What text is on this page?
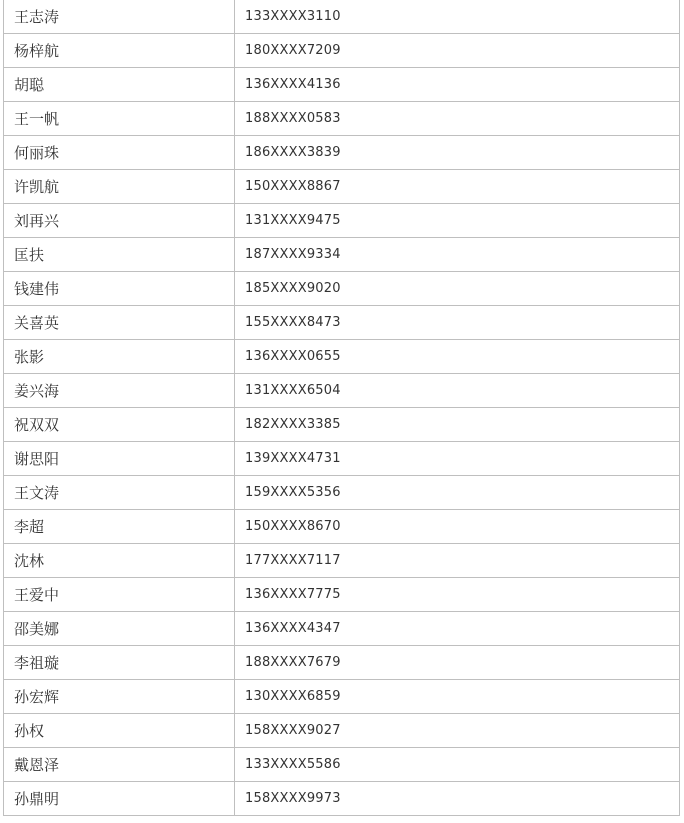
王志涛	133XXXX3110
杨梓航	180XXXX7209
胡聪	136XXXX4136
王一帆	188XXXX0583
何丽珠	186XXXX3839
许凯航	150XXXX8867
刘再兴	131XXXX9475
匡扶	187XXXX9334
钱建伟	185XXXX9020
关喜英	155XXXX8473
张影	136XXXX0655
姜兴海	131XXXX6504
祝双双	182XXXX3385
谢思阳	139XXXX4731
王文涛	159XXXX5356
李超	150XXXX8670
沈林	177XXXX7117
王爱中	136XXXX7775
邵美娜	136XXXX4347
李祖璇	188XXXX7679
孙宏辉	130XXXX6859
孙权	158XXXX9027
戴恩泽	133XXXX5586
孙鼎明	158XXXX9973
